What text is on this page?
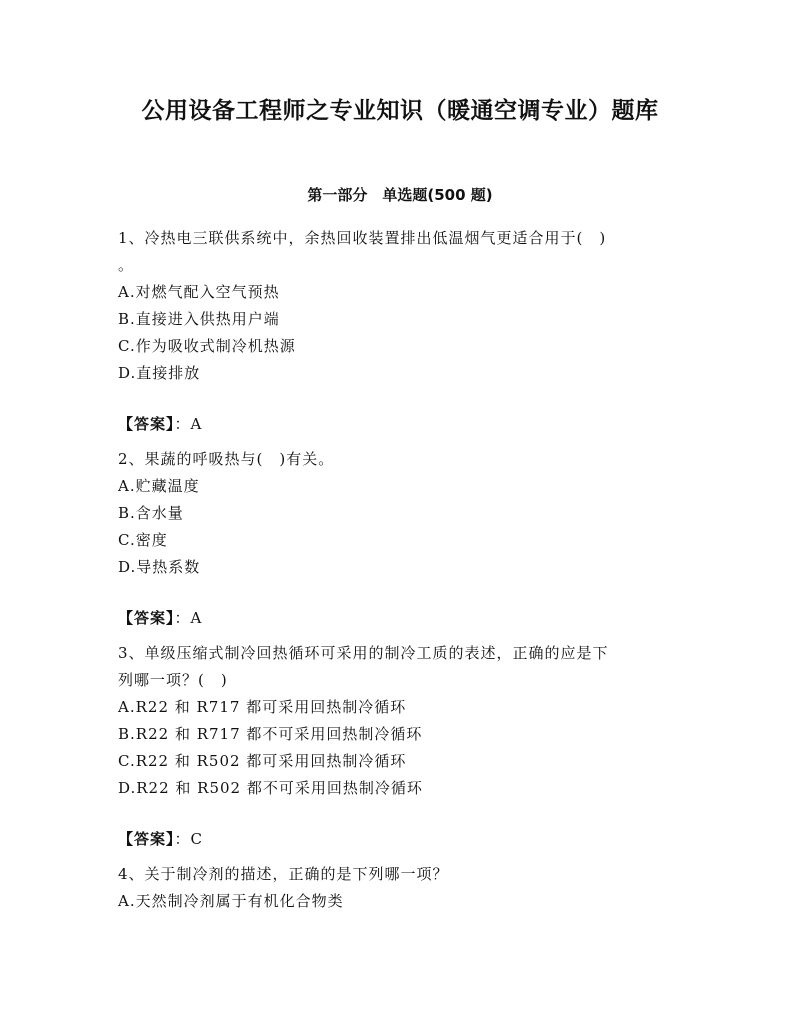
公用设备工程师之专业知识（暖通空调专业）题库
第一部分　单选题(500 题)
1、冷热电三联供系统中，余热回收装置排出低温烟气更适合用于(　)
。
A.对燃气配入空气预热
B.直接进入供热用户端
C.作为吸收式制冷机热源
D.直接排放
【答案】：A
2、果蔬的呼吸热与(　)有关。
A.贮藏温度
B.含水量
C.密度
D.导热系数
【答案】：A
3、单级压缩式制冷回热循环可采用的制冷工质的表述，正确的应是下
列哪一项？(　)
A.R22 和 R717 都可采用回热制冷循环
B.R22 和 R717 都不可采用回热制冷循环
C.R22 和 R502 都可采用回热制冷循环
D.R22 和 R502 都不可采用回热制冷循环
【答案】：C
4、关于制冷剂的描述，正确的是下列哪一项？
A.天然制冷剂属于有机化合物类
